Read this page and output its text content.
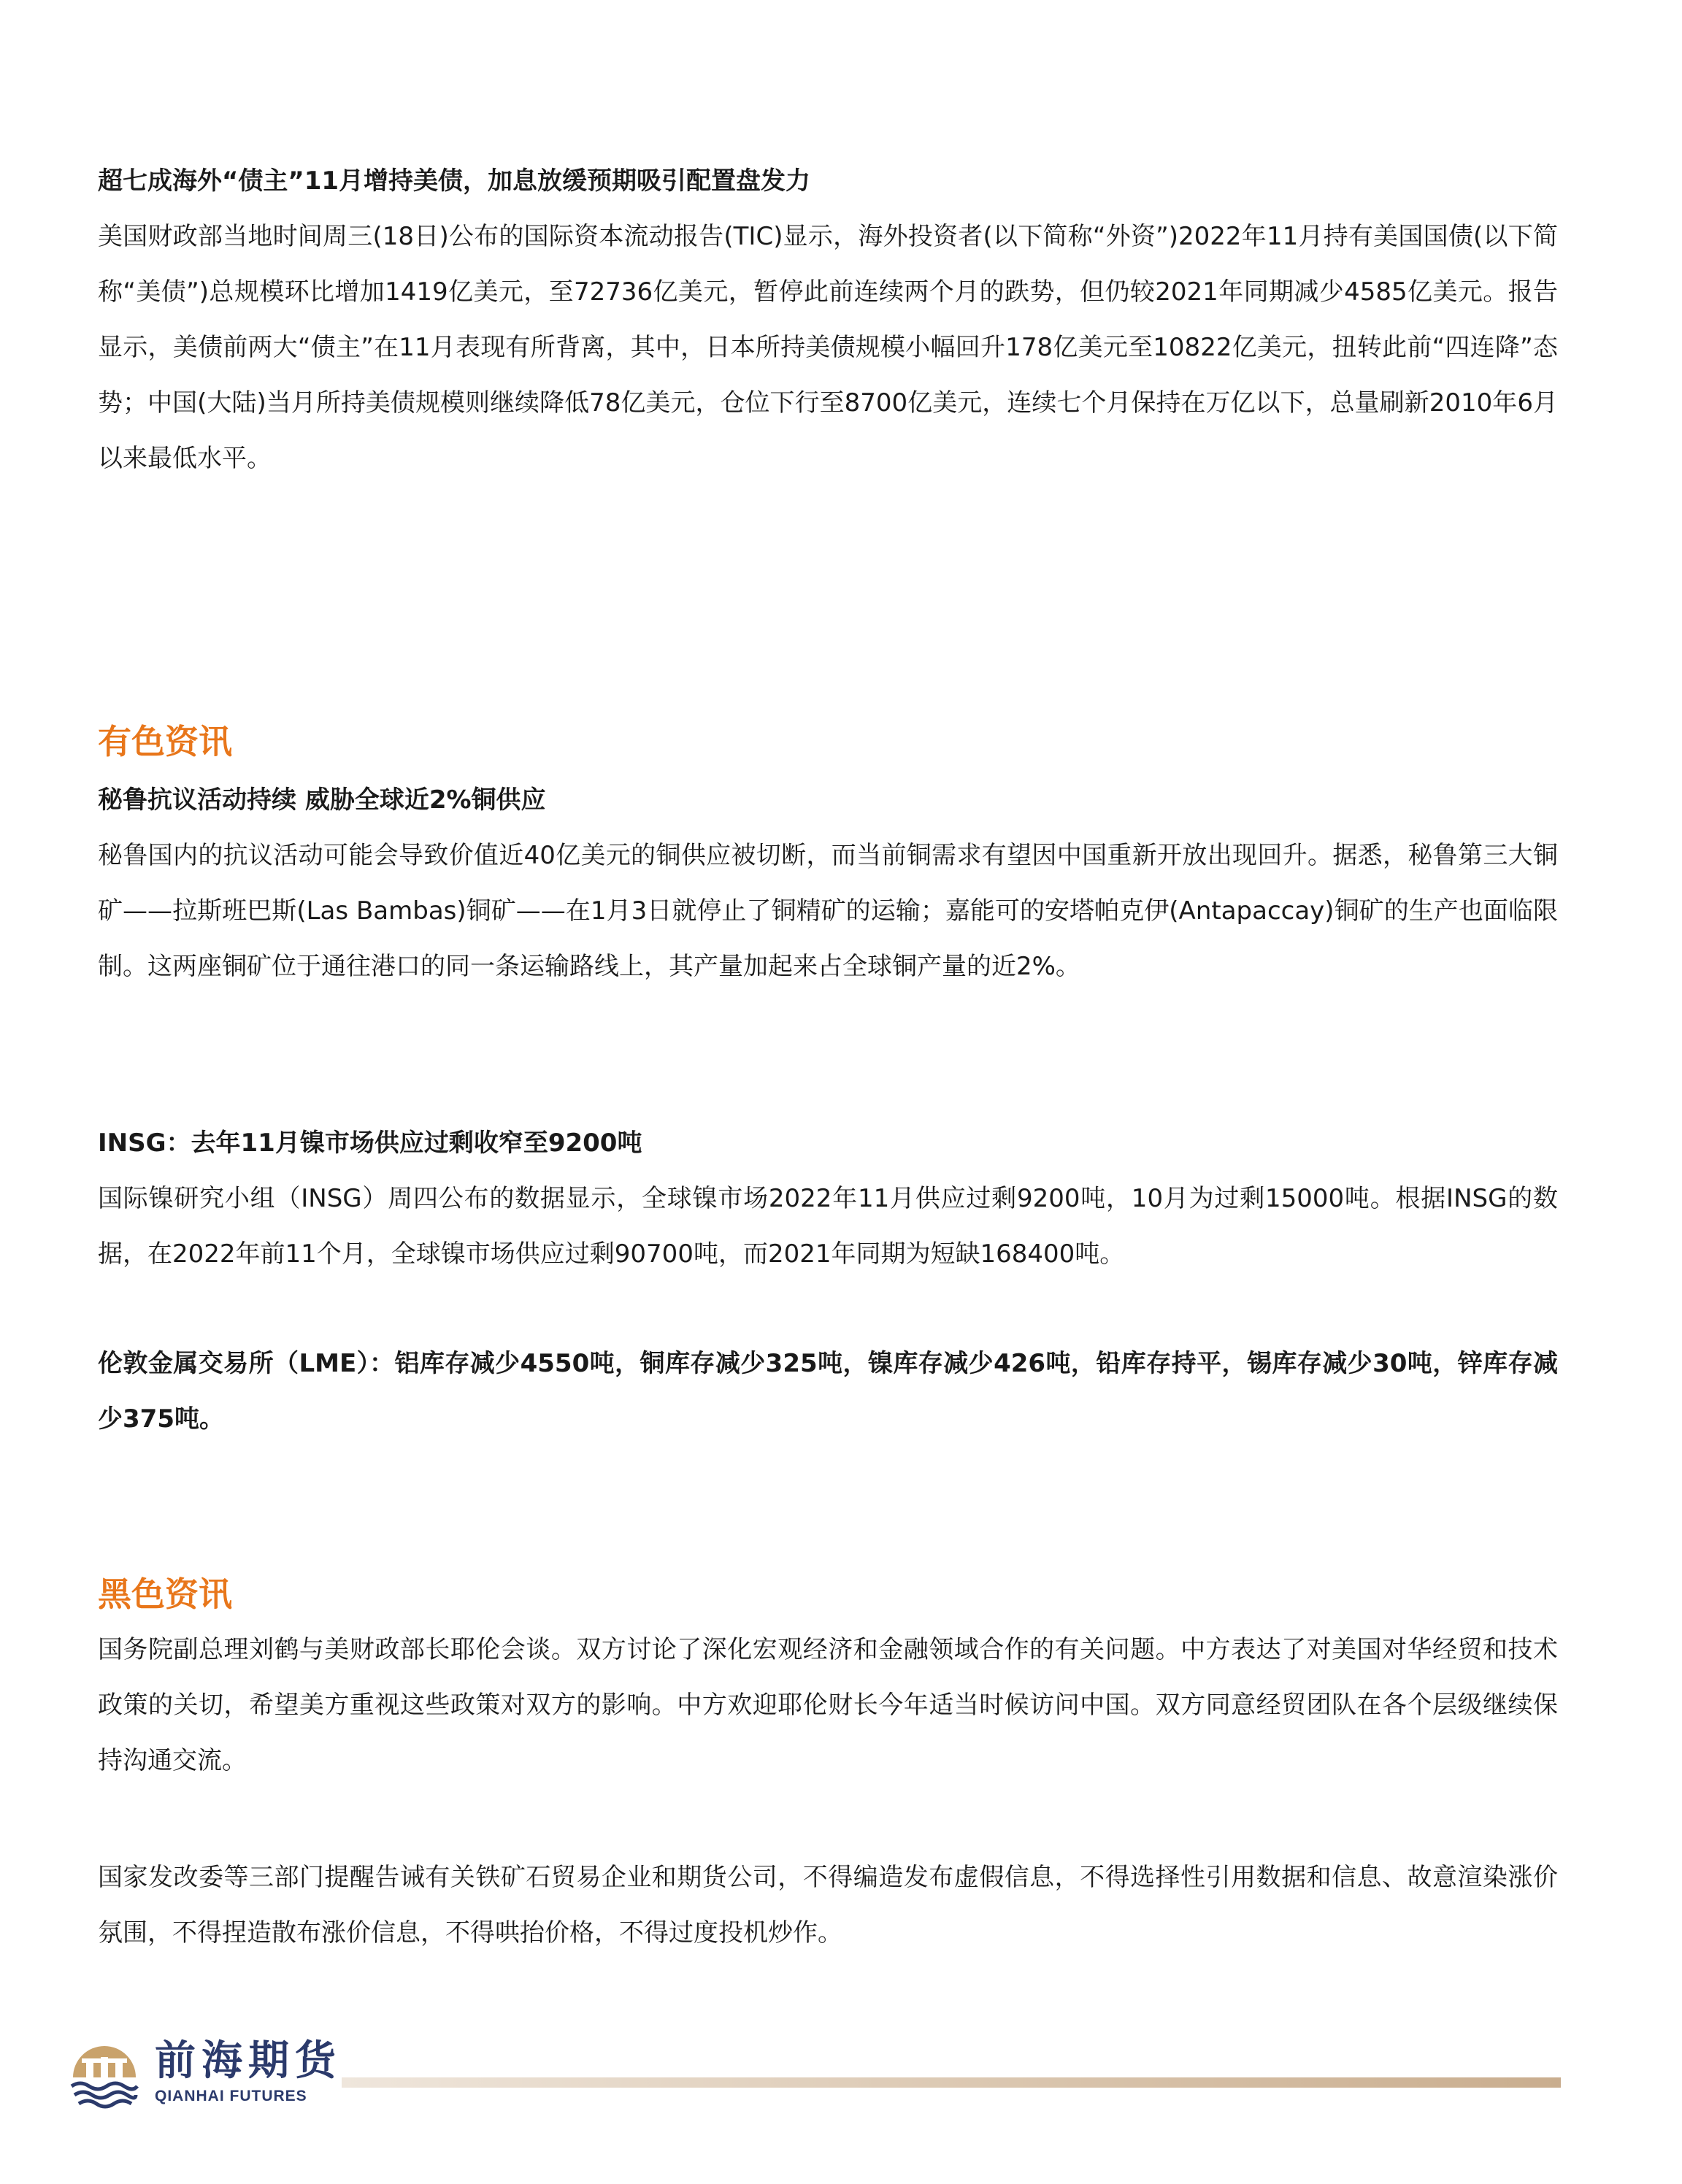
超七成海外“债主”11月增持美债，加息放缓预期吸引配置盘发力

美国财政部当地时间周三(18日)公布的国际资本流动报告(TIC)显示，海外投资者(以下简称“外资”)2022年11月持有美国国债(以下简称“美债”)总规模环比增加1419亿美元，至72736亿美元，暂停此前连续两个月的跌势，但仍较2021年同期减少4585亿美元。报告显示，美债前两大“债主”在11月表现有所背离，其中，日本所持美债规模小幅回升178亿美元至10822亿美元，扭转此前“四连降”态势；中国(大陆)当月所持美债规模则继续降低78亿美元，仓位下行至8700亿美元，连续七个月保持在万亿以下，总量刷新2010年6月以来最低水平。

有色资讯

秘鲁抗议活动持续 威胁全球近2%铜供应

秘鲁国内的抗议活动可能会导致价值近40亿美元的铜供应被切断，而当前铜需求有望因中国重新开放出现回升。据悉，秘鲁第三大铜矿——拉斯班巴斯(Las Bambas)铜矿——在1月3日就停止了铜精矿的运输；嘉能可的安塔帕克伊(Antapaccay)铜矿的生产也面临限制。这两座铜矿位于通往港口的同一条运输路线上，其产量加起来占全球铜产量的近2%。

INSG：去年11月镍市场供应过剩收窄至9200吨

国际镍研究小组（INSG）周四公布的数据显示，全球镍市场2022年11月供应过剩9200吨，10月为过剩15000吨。根据INSG的数据，在2022年前11个月，全球镍市场供应过剩90700吨，而2021年同期为短缺168400吨。

伦敦金属交易所（LME）：铝库存减少4550吨，铜库存减少325吨，镍库存减少426吨，铅库存持平，锡库存减少30吨，锌库存减少375吨。

黑色资讯

国务院副总理刘鹤与美财政部长耶伦会谈。双方讨论了深化宏观经济和金融领域合作的有关问题。中方表达了对美国对华经贸和技术政策的关切，希望美方重视这些政策对双方的影响。中方欢迎耶伦财长今年适当时候访问中国。双方同意经贸团队在各个层级继续保持沟通交流。

国家发改委等三部门提醒告诫有关铁矿石贸易企业和期货公司，不得编造发布虚假信息，不得选择性引用数据和信息、故意渲染涨价氛围，不得捏造散布涨价信息，不得哄抬价格，不得过度投机炒作。

前海期货
QIANHAI FUTURES
